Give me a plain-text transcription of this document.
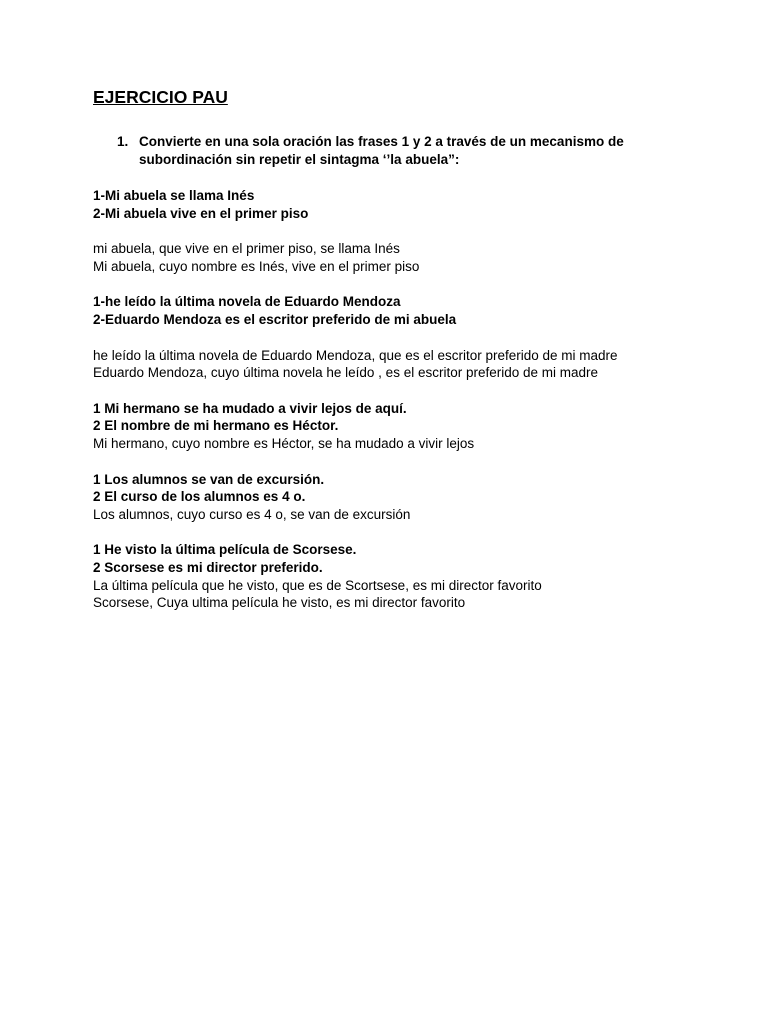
EJERCICIO PAU
1. Convierte en una sola oración las frases 1 y 2 a través de un mecanismo de
subordinación sin repetir el sintagma ‘’la abuela”:
1-Mi abuela se llama Inés
2-Mi abuela vive en el primer piso
mi abuela, que vive en el primer piso, se llama Inés
Mi abuela, cuyo nombre es Inés, vive en el primer piso
1-he leído la última novela de Eduardo Mendoza
2-Eduardo Mendoza es el escritor preferido de mi abuela
he leído la última novela de Eduardo Mendoza, que es el escritor preferido de mi madre
Eduardo Mendoza, cuyo última novela he leído , es el escritor preferido de mi madre
1 Mi hermano se ha mudado a vivir lejos de aquí.
2 El nombre de mi hermano es Héctor.
Mi hermano, cuyo nombre es Héctor, se ha mudado a vivir lejos
1 Los alumnos se van de excursión.
2 El curso de los alumnos es 4 o.
Los alumnos, cuyo curso es 4 o, se van de excursión
1 He visto la última película de Scorsese.
2 Scorsese es mi director preferido.
La última película que he visto, que es de Scortsese, es mi director favorito
Scorsese, Cuya ultima película he visto, es mi director favorito
